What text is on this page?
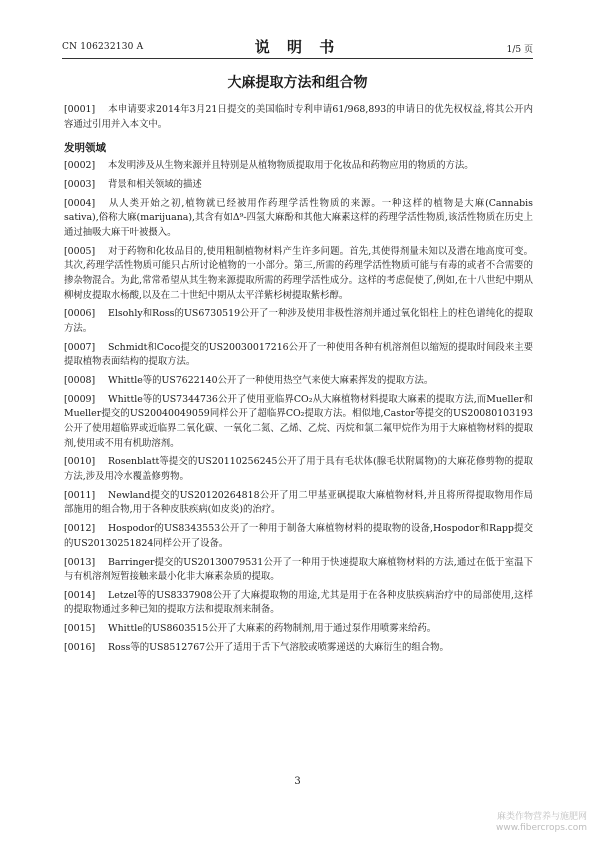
CN 106232130 A	说 明 书	1/5 页
大麻提取方法和组合物
[0001] 本申请要求2014年3月21日提交的美国临时专利申请61/968,893的申请日的优先权权益,将其公开内容通过引用并入本文中。
发明领域
[0002] 本发明涉及从生物来源并且特别是从植物物质提取用于化妆品和药物应用的物质的方法。
[0003] 背景和相关领域的描述
[0004] 从人类开始之初,植物就已经被用作药理学活性物质的来源。一种这样的植物是大麻(Cannabis sativa),俗称大麻(marijuana),其含有如Δ⁹-四氢大麻酚和其他大麻素这样的药理学活性物质,该活性物质在历史上通过抽吸大麻干叶被摄入。
[0005] 对于药物和化妆品目的,使用粗制植物材料产生许多问题。首先,其使得剂量未知以及潜在地高度可变。其次,药理学活性物质可能只占所讨论植物的一小部分。第三,所需的药理学活性物质可能与有毒的或者不合需要的掺杂物混合。为此,常常希望从其生物来源提取所需的药理学活性成分。这样的考虑促使了,例如,在十八世纪中期从柳树皮提取水杨酸,以及在二十世纪中期从太平洋紫杉树提取紫杉醇。
[0006] Elsohly和Ross的US6730519公开了一种涉及使用非极性溶剂并通过氧化铝柱上的柱色谱纯化的提取方法。
[0007] Schmidt和Coco提交的US20030017216公开了一种使用各种有机溶剂但以缩短的提取时间段来主要提取植物表面结构的提取方法。
[0008] Whittle等的US7622140公开了一种使用热空气来使大麻素挥发的提取方法。
[0009] Whittle等的US7344736公开了使用亚临界CO₂从大麻植物材料提取大麻素的提取方法,而Mueller和Mueller提交的US20040049059同样公开了超临界CO₂提取方法。相似地,Castor等提交的US20080103193公开了使用超临界或近临界二氧化碳、一氧化二氮、乙烯、乙烷、丙烷和氯二氟甲烷作为用于大麻植物材料的提取剂,使用或不用有机助溶剂。
[0010] Rosenblatt等提交的US20110256245公开了用于具有毛状体(腺毛状附属物)的大麻花修剪物的提取方法,涉及用冷水覆盖修剪物。
[0011] Newland提交的US20120264818公开了用二甲基亚砜提取大麻植物材料,并且将所得提取物用作局部施用的组合物,用于各种皮肤疾病(如皮炎)的治疗。
[0012] Hospodor的US8343553公开了一种用于制备大麻植物材料的提取物的设备,Hospodor和Rapp提交的US20130251824同样公开了设备。
[0013] Barringer提交的US20130079531公开了一种用于快速提取大麻植物材料的方法,通过在低于室温下与有机溶剂短暂接触来最小化非大麻素杂质的提取。
[0014] Letzel等的US8337908公开了大麻提取物的用途,尤其是用于在各种皮肤疾病治疗中的局部使用,这样的提取物通过多种已知的提取方法和提取剂来制备。
[0015] Whittle的US8603515公开了大麻素的药物制剂,用于通过泵作用喷雾来给药。
[0016] Ross等的US8512767公开了适用于舌下气溶胶或喷雾递送的大麻衍生的组合物。
3
麻类作物营养与施肥网
www.fibercrops.com
